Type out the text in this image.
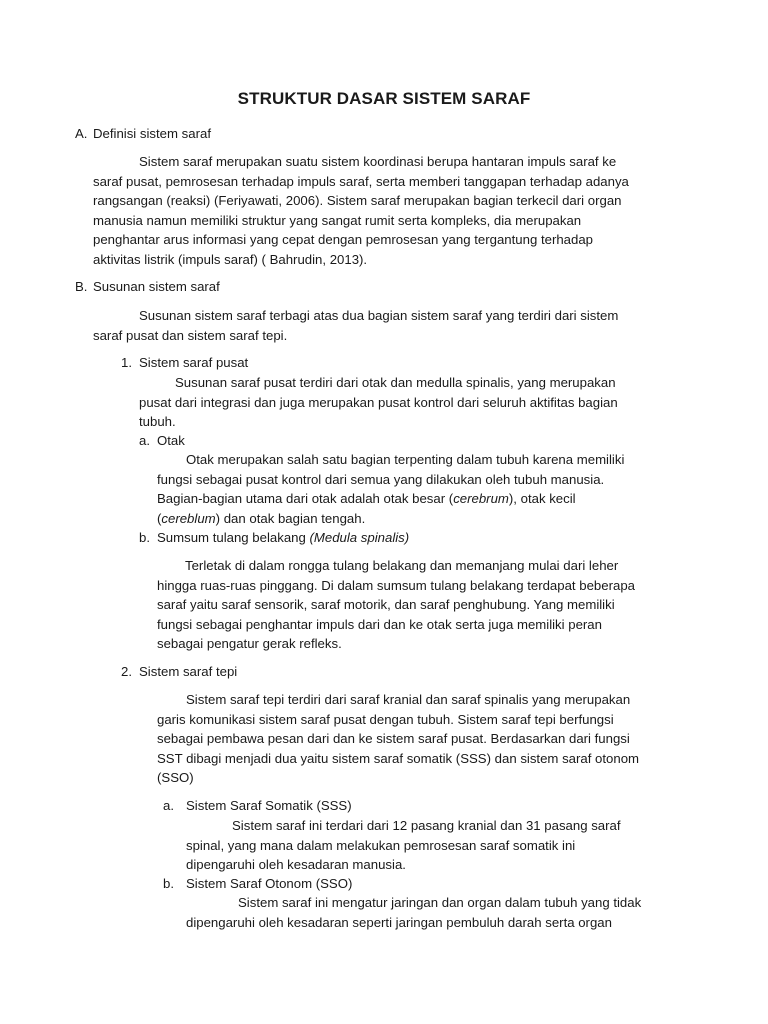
STRUKTUR DASAR SISTEM SARAF
A. Definisi sistem saraf

Sistem saraf merupakan suatu sistem koordinasi berupa hantaran impuls saraf ke

saraf pusat, pemrosesan terhadap impuls saraf, serta memberi tanggapan terhadap adanya

rangsangan (reaksi) (Feriyawati, 2006). Sistem saraf merupakan bagian terkecil dari organ

manusia namun memiliki struktur yang sangat rumit serta kompleks, dia merupakan

penghantar arus informasi yang cepat dengan pemrosesan yang tergantung terhadap

aktivitas listrik (impuls saraf) ( Bahrudin, 2013).

B. Susunan sistem saraf

Susunan sistem saraf terbagi atas dua bagian sistem saraf yang terdiri dari sistem

saraf pusat dan sistem saraf tepi.

1. Sistem saraf pusat

Susunan saraf pusat terdiri dari otak dan medulla spinalis, yang merupakan

pusat dari integrasi dan juga merupakan pusat kontrol dari seluruh aktifitas bagian

tubuh.

a. Otak

Otak merupakan salah satu bagian terpenting dalam tubuh karena memiliki

fungsi sebagai pusat kontrol dari semua yang dilakukan oleh tubuh manusia.

Bagian-bagian utama dari otak adalah otak besar (cerebrum), otak kecil

(cereblum) dan otak bagian tengah.

b. Sumsum tulang belakang (Medula spinalis)

Terletak di dalam rongga tulang belakang dan memanjang mulai dari leher

hingga ruas-ruas pinggang. Di dalam sumsum tulang belakang terdapat beberapa

saraf yaitu saraf sensorik, saraf motorik, dan saraf penghubung. Yang memiliki

fungsi sebagai penghantar impuls dari dan ke otak serta juga memiliki peran

sebagai pengatur gerak refleks.

2. Sistem saraf tepi

Sistem saraf tepi terdiri dari saraf kranial dan saraf spinalis yang merupakan

garis komunikasi sistem saraf pusat dengan tubuh. Sistem saraf tepi berfungsi

sebagai pembawa pesan dari dan ke sistem saraf pusat. Berdasarkan dari fungsi

SST dibagi menjadi dua yaitu sistem saraf somatik (SSS) dan sistem saraf otonom

(SSO)

a. Sistem Saraf Somatik (SSS)

Sistem saraf ini terdari dari 12 pasang kranial dan 31 pasang saraf

spinal, yang mana dalam melakukan pemrosesan saraf somatik ini

dipengaruhi oleh kesadaran manusia.

b. Sistem Saraf Otonom (SSO)

Sistem saraf ini mengatur jaringan dan organ dalam tubuh yang tidak

dipengaruhi oleh kesadaran seperti jaringan pembuluh darah serta organ
